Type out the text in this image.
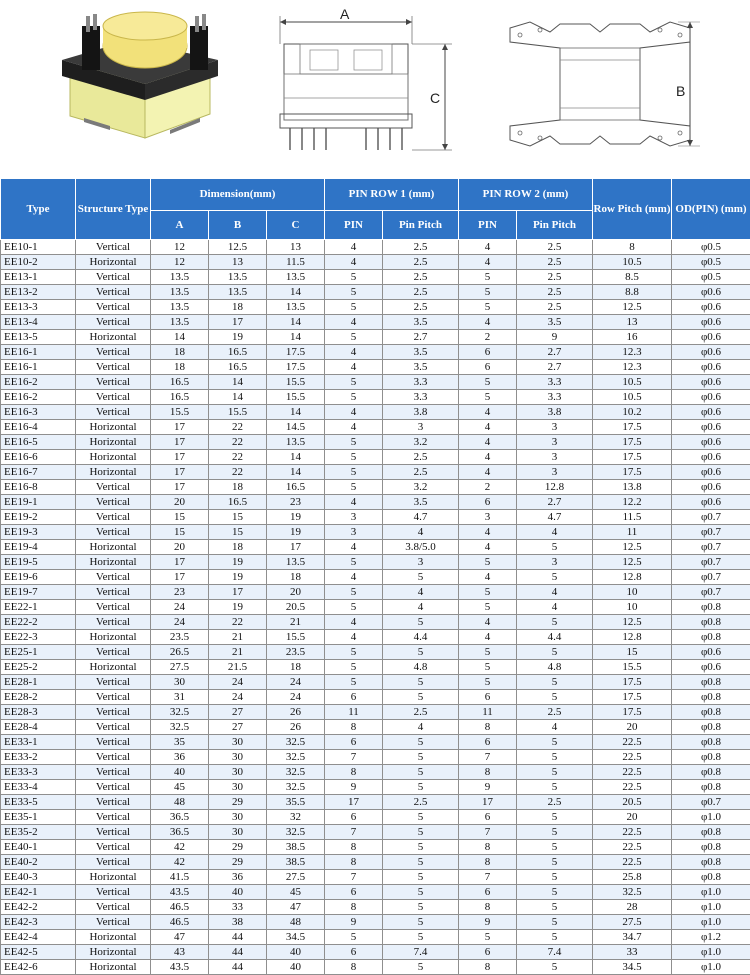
A
C	B
Type	Structure Type	Dimension(mm)			PIN ROW 1 (mm)		PIN ROW 2 (mm)		Row Pitch (mm)	OD(PIN) (mm)
		A	B	C	PIN	Pin Pitch	PIN	Pin Pitch		
EE10-1	Vertical	12	12.5	13	4	2.5	4	2.5	8	φ0.5
EE10-2	Horizontal	12	13	11.5	4	2.5	4	2.5	10.5	φ0.5
EE13-1	Vertical	13.5	13.5	13.5	5	2.5	5	2.5	8.5	φ0.5
EE13-2	Vertical	13.5	13.5	14	5	2.5	5	2.5	8.8	φ0.6
EE13-3	Vertical	13.5	18	13.5	5	2.5	5	2.5	12.5	φ0.6
EE13-4	Vertical	13.5	17	14	4	3.5	4	3.5	13	φ0.6
EE13-5	Horizontal	14	19	14	5	2.7	2	9	16	φ0.6
EE16-1	Vertical	18	16.5	17.5	4	3.5	6	2.7	12.3	φ0.6
EE16-1	Vertical	18	16.5	17.5	4	3.5	6	2.7	12.3	φ0.6
EE16-2	Vertical	16.5	14	15.5	5	3.3	5	3.3	10.5	φ0.6
EE16-2	Vertical	16.5	14	15.5	5	3.3	5	3.3	10.5	φ0.6
EE16-3	Vertical	15.5	15.5	14	4	3.8	4	3.8	10.2	φ0.6
EE16-4	Horizontal	17	22	14.5	4	3	4	3	17.5	φ0.6
EE16-5	Horizontal	17	22	13.5	5	3.2	4	3	17.5	φ0.6
EE16-6	Horizontal	17	22	14	5	2.5	4	3	17.5	φ0.6
EE16-7	Horizontal	17	22	14	5	2.5	4	3	17.5	φ0.6
EE16-8	Vertical	17	18	16.5	5	3.2	2	12.8	13.8	φ0.6
EE19-1	Vertical	20	16.5	23	4	3.5	6	2.7	12.2	φ0.6
EE19-2	Vertical	15	15	19	3	4.7	3	4.7	11.5	φ0.7
EE19-3	Vertical	15	15	19	3	4	4	4	11	φ0.7
EE19-4	Horizontal	20	18	17	4	3.8/5.0	4	5	12.5	φ0.7
EE19-5	Horizontal	17	19	13.5	5	3	5	3	12.5	φ0.7
EE19-6	Vertical	17	19	18	4	5	4	5	12.8	φ0.7
EE19-7	Vertical	23	17	20	5	4	5	4	10	φ0.7
EE22-1	Vertical	24	19	20.5	5	4	5	4	10	φ0.8
EE22-2	Vertical	24	22	21	4	5	4	5	12.5	φ0.8
EE22-3	Horizontal	23.5	21	15.5	4	4.4	4	4.4	12.8	φ0.8
EE25-1	Vertical	26.5	21	23.5	5	5	5	5	15	φ0.6
EE25-2	Horizontal	27.5	21.5	18	5	4.8	5	4.8	15.5	φ0.6
EE28-1	Vertical	30	24	24	5	5	5	5	17.5	φ0.8
EE28-2	Vertical	31	24	24	6	5	6	5	17.5	φ0.8
EE28-3	Vertical	32.5	27	26	11	2.5	11	2.5	17.5	φ0.8
EE28-4	Vertical	32.5	27	26	8	4	8	4	20	φ0.8
EE33-1	Vertical	35	30	32.5	6	5	6	5	22.5	φ0.8
EE33-2	Vertical	36	30	32.5	7	5	7	5	22.5	φ0.8
EE33-3	Vertical	40	30	32.5	8	5	8	5	22.5	φ0.8
EE33-4	Vertical	45	30	32.5	9	5	9	5	22.5	φ0.8
EE33-5	Vertical	48	29	35.5	17	2.5	17	2.5	20.5	φ0.7
EE35-1	Vertical	36.5	30	32	6	5	6	5	20	φ1.0
EE35-2	Vertical	36.5	30	32.5	7	5	7	5	22.5	φ0.8
EE40-1	Vertical	42	29	38.5	8	5	8	5	22.5	φ0.8
EE40-2	Vertical	42	29	38.5	8	5	8	5	22.5	φ0.8
EE40-3	Horizontal	41.5	36	27.5	7	5	7	5	25.8	φ0.8
EE42-1	Vertical	43.5	40	45	6	5	6	5	32.5	φ1.0
EE42-2	Vertical	46.5	33	47	8	5	8	5	28	φ1.0
EE42-3	Vertical	46.5	38	48	9	5	9	5	27.5	φ1.0
EE42-4	Horizontal	47	44	34.5	5	5	5	5	34.7	φ1.2
EE42-5	Horizontal	43	44	40	6	7.4	6	7.4	33	φ1.0
EE42-6	Horizontal	43.5	44	40	8	5	8	5	34.5	φ1.0
